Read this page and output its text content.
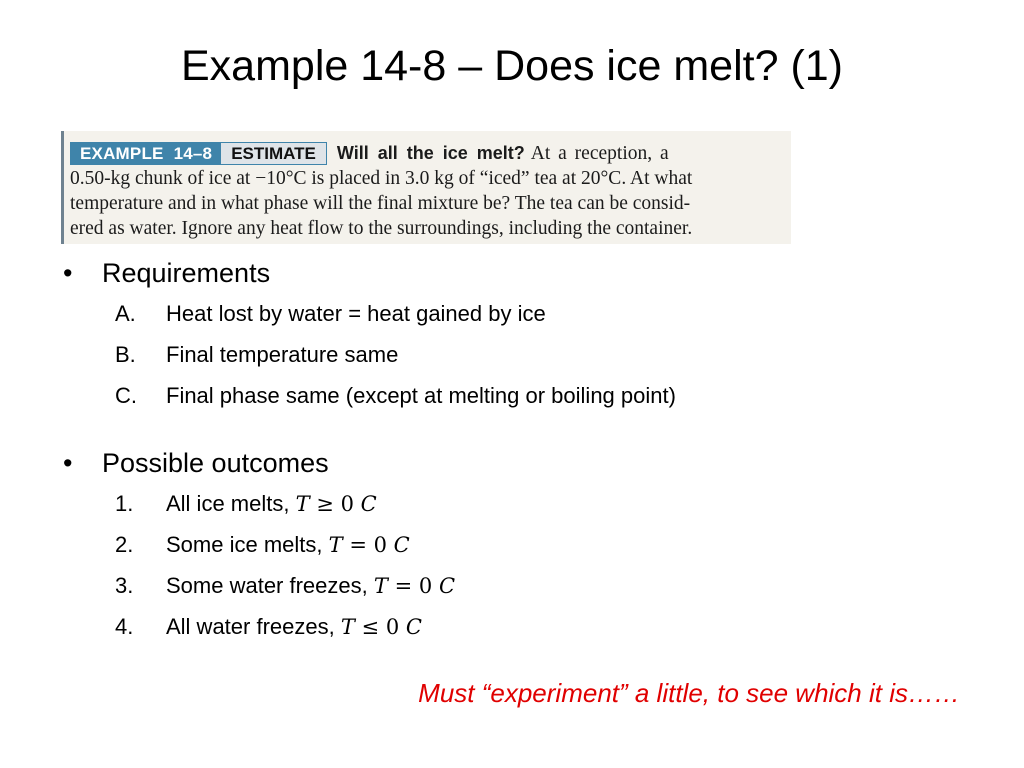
Example 14-8 – Does ice melt? (1)
EXAMPLE 14–8	ESTIMATE	Will all the ice melt? At a reception, a
0.50-kg chunk of ice at −10°C is placed in 3.0 kg of “iced” tea at 20°C. At what
temperature and in what phase will the final mixture be? The tea can be consid-
ered as water. Ignore any heat flow to the surroundings, including the container.
• Requirements
A. Heat lost by water = heat gained by ice
B. Final temperature same
C. Final phase same (except at melting or boiling point)
• Possible outcomes
1. All ice melts, T ≥ 0 C
2. Some ice melts, T = 0 C
3. Some water freezes, T = 0 C
4. All water freezes, T ≤ 0 C
Must “experiment” a little, to see which it is……
